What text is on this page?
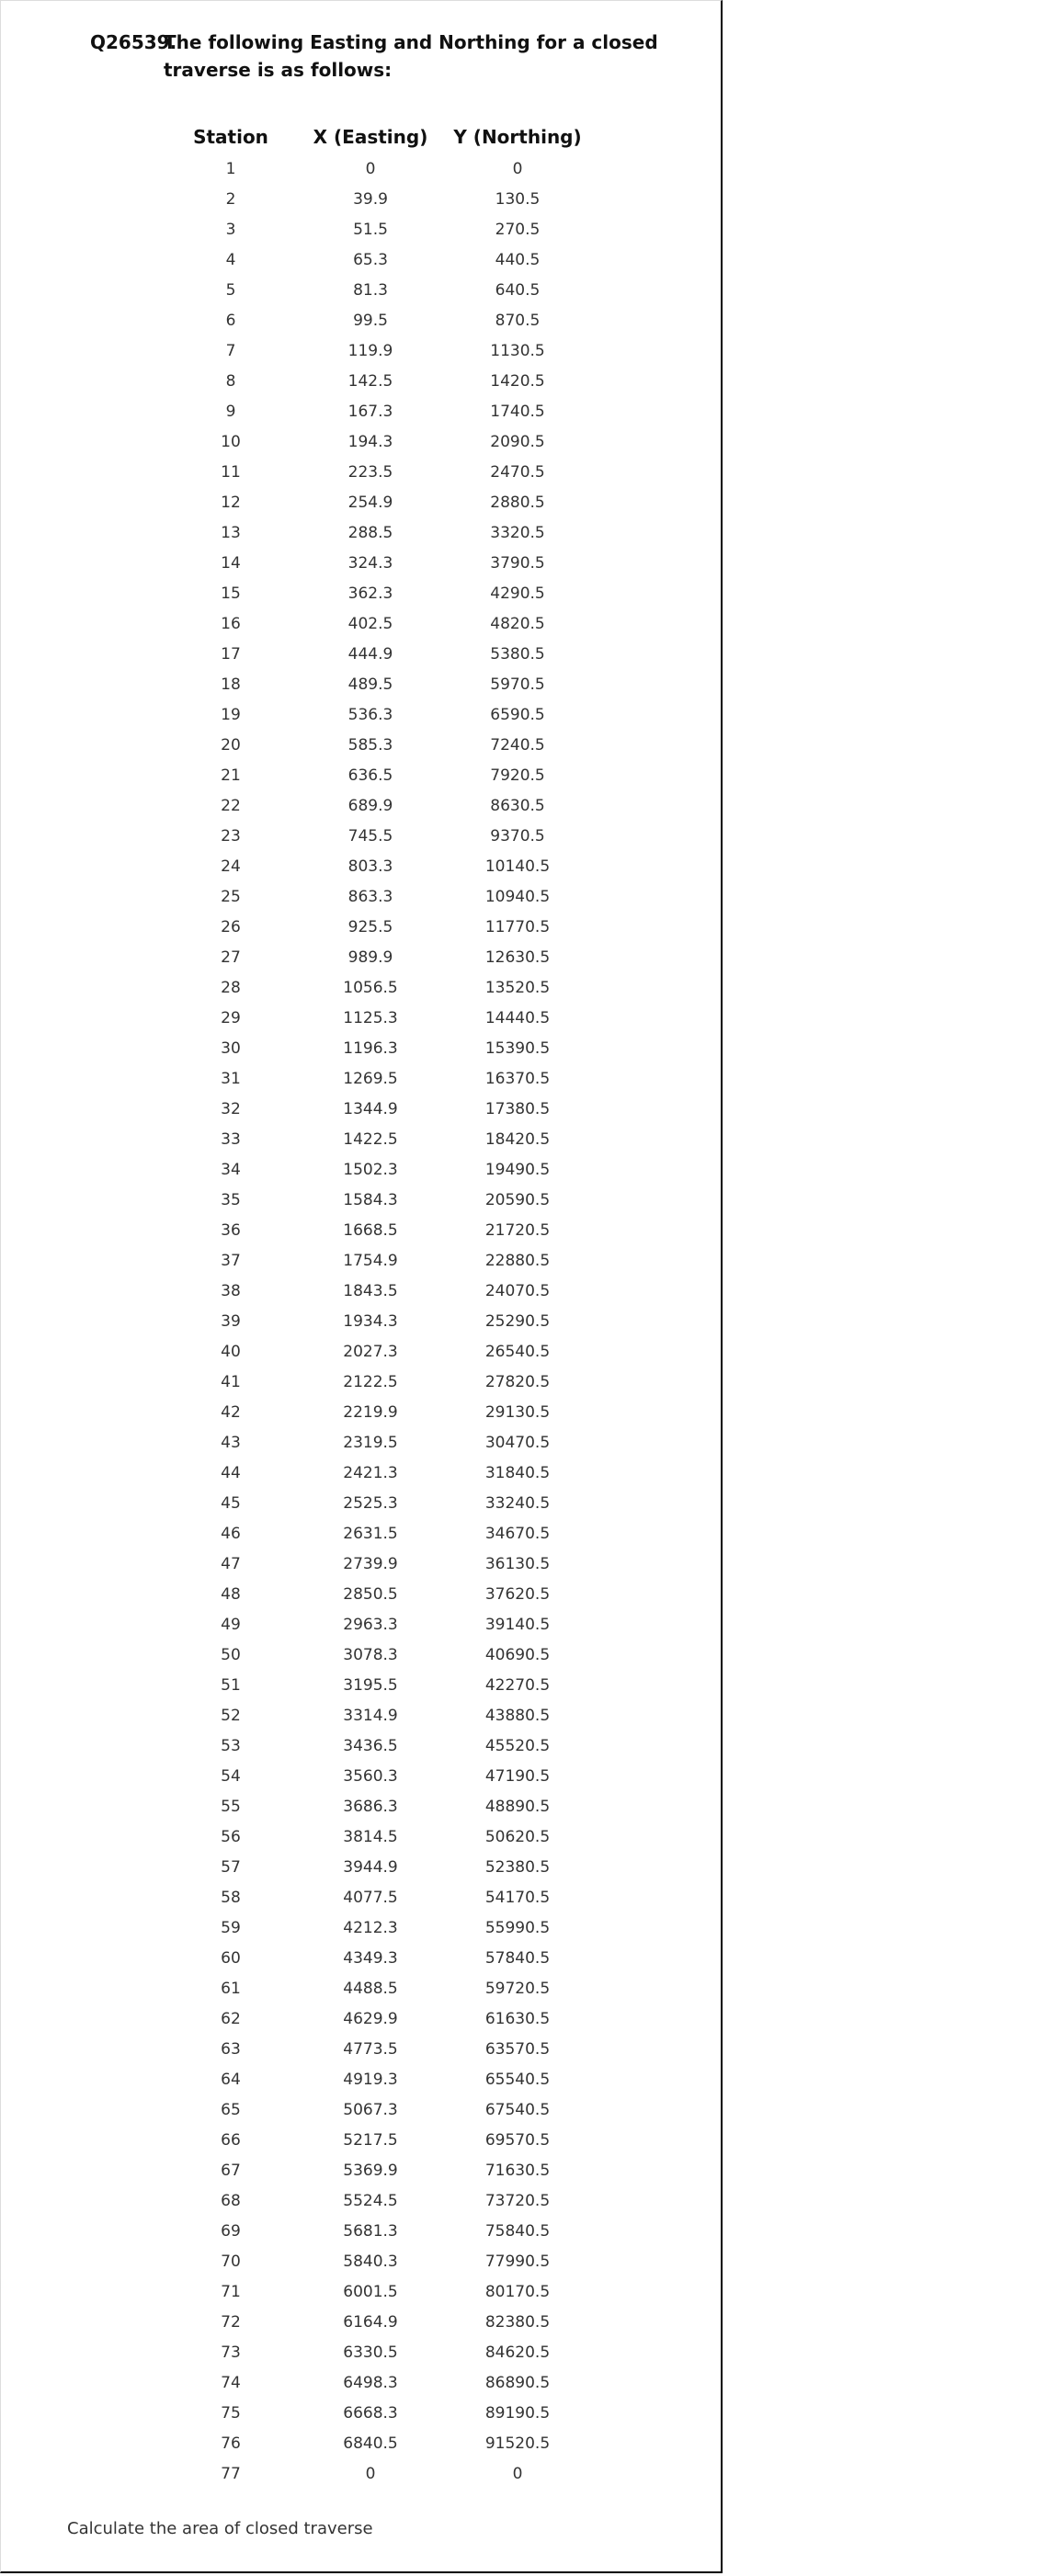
Q26539.The following Easting and Northing for a closed
traverse is as follows:
Station	X (Easting)	Y (Northing)
1	0	0
2	39.9	130.5
3	51.5	270.5
4	65.3	440.5
5	81.3	640.5
6	99.5	870.5
7	119.9	1130.5
8	142.5	1420.5
9	167.3	1740.5
10	194.3	2090.5
11	223.5	2470.5
12	254.9	2880.5
13	288.5	3320.5
14	324.3	3790.5
15	362.3	4290.5
16	402.5	4820.5
17	444.9	5380.5
18	489.5	5970.5
19	536.3	6590.5
20	585.3	7240.5
21	636.5	7920.5
22	689.9	8630.5
23	745.5	9370.5
24	803.3	10140.5
25	863.3	10940.5
26	925.5	11770.5
27	989.9	12630.5
28	1056.5	13520.5
29	1125.3	14440.5
30	1196.3	15390.5
31	1269.5	16370.5
32	1344.9	17380.5
33	1422.5	18420.5
34	1502.3	19490.5
35	1584.3	20590.5
36	1668.5	21720.5
37	1754.9	22880.5
38	1843.5	24070.5
39	1934.3	25290.5
40	2027.3	26540.5
41	2122.5	27820.5
42	2219.9	29130.5
43	2319.5	30470.5
44	2421.3	31840.5
45	2525.3	33240.5
46	2631.5	34670.5
47	2739.9	36130.5
48	2850.5	37620.5
49	2963.3	39140.5
50	3078.3	40690.5
51	3195.5	42270.5
52	3314.9	43880.5
53	3436.5	45520.5
54	3560.3	47190.5
55	3686.3	48890.5
56	3814.5	50620.5
57	3944.9	52380.5
58	4077.5	54170.5
59	4212.3	55990.5
60	4349.3	57840.5
61	4488.5	59720.5
62	4629.9	61630.5
63	4773.5	63570.5
64	4919.3	65540.5
65	5067.3	67540.5
66	5217.5	69570.5
67	5369.9	71630.5
68	5524.5	73720.5
69	5681.3	75840.5
70	5840.3	77990.5
71	6001.5	80170.5
72	6164.9	82380.5
73	6330.5	84620.5
74	6498.3	86890.5
75	6668.3	89190.5
76	6840.5	91520.5
77	0	0
Calculate the area of closed traverse
